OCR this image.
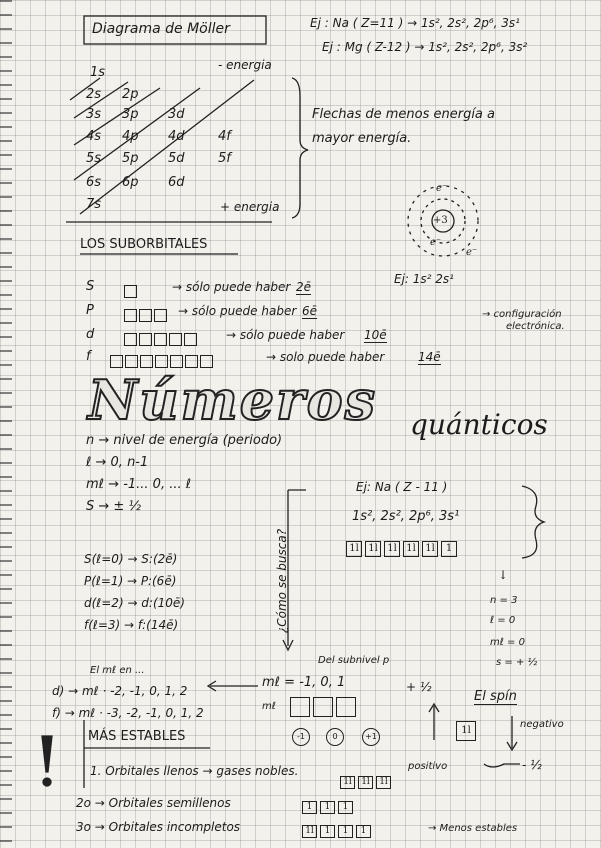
Diagrama de Möller	Ej : Na ( Z=11 ) → 1s², 2s², 2p⁶, 3s¹
Ej : Mg ( Z-12 ) → 1s², 2s², 2p⁶, 3s²
1s
2s 2p
3s 3p 3d
4s 4p 4d	4f
5s 5p 5d	5f
6s 6p 6d
7s
- energia
+ energia
Flechas de menos energía a
mayor energía.
e⁻
+3
e⁻
e⁻
Ej: 1s² 2s¹
→ configuración
electrónica.
LOS SUBORBITALES
S	→ sólo puede haber 2ē
P	→ sólo puede haber 6ē
d	→ sólo puede haber 10ē
f	→ solo puede haber	14ē
Números quánticos
n → nivel de energía (periodo)
ℓ → 0, n-1
mℓ → -1... 0, ... ℓ
S → ± ½
Ej: Na ( Z - 11 )
1s², 2s², 2p⁶, 3s¹
1l 1l 1l 1l 1l 1
↓
n = 3
ℓ = 0
mℓ = 0
s = + ½
S(ℓ=0) → S:(2ē)
P(ℓ=1) → P:(6ē)
d(ℓ=2) → d:(10ē)
f(ℓ=3) → f:(14ē)	¿Cómo se busca?
El mℓ en ...
d) → mℓ · -2, -1, 0, 1, 2
f) → mℓ · -3, -2, -1, 0, 1, 2
Del subnivel p
mℓ = -1, 0, 1
mℓ
-1	0	+1
+ ½
El spín
negativo
1l
positivo	- ½
MÁS ESTABLES
1. Orbitales llenos → gases nobles.
1l 1l 1l
2o → Orbitales semillenos	1 1 1
3o → Orbitales incompletos	1l 1 1 1	→ Menos estables
